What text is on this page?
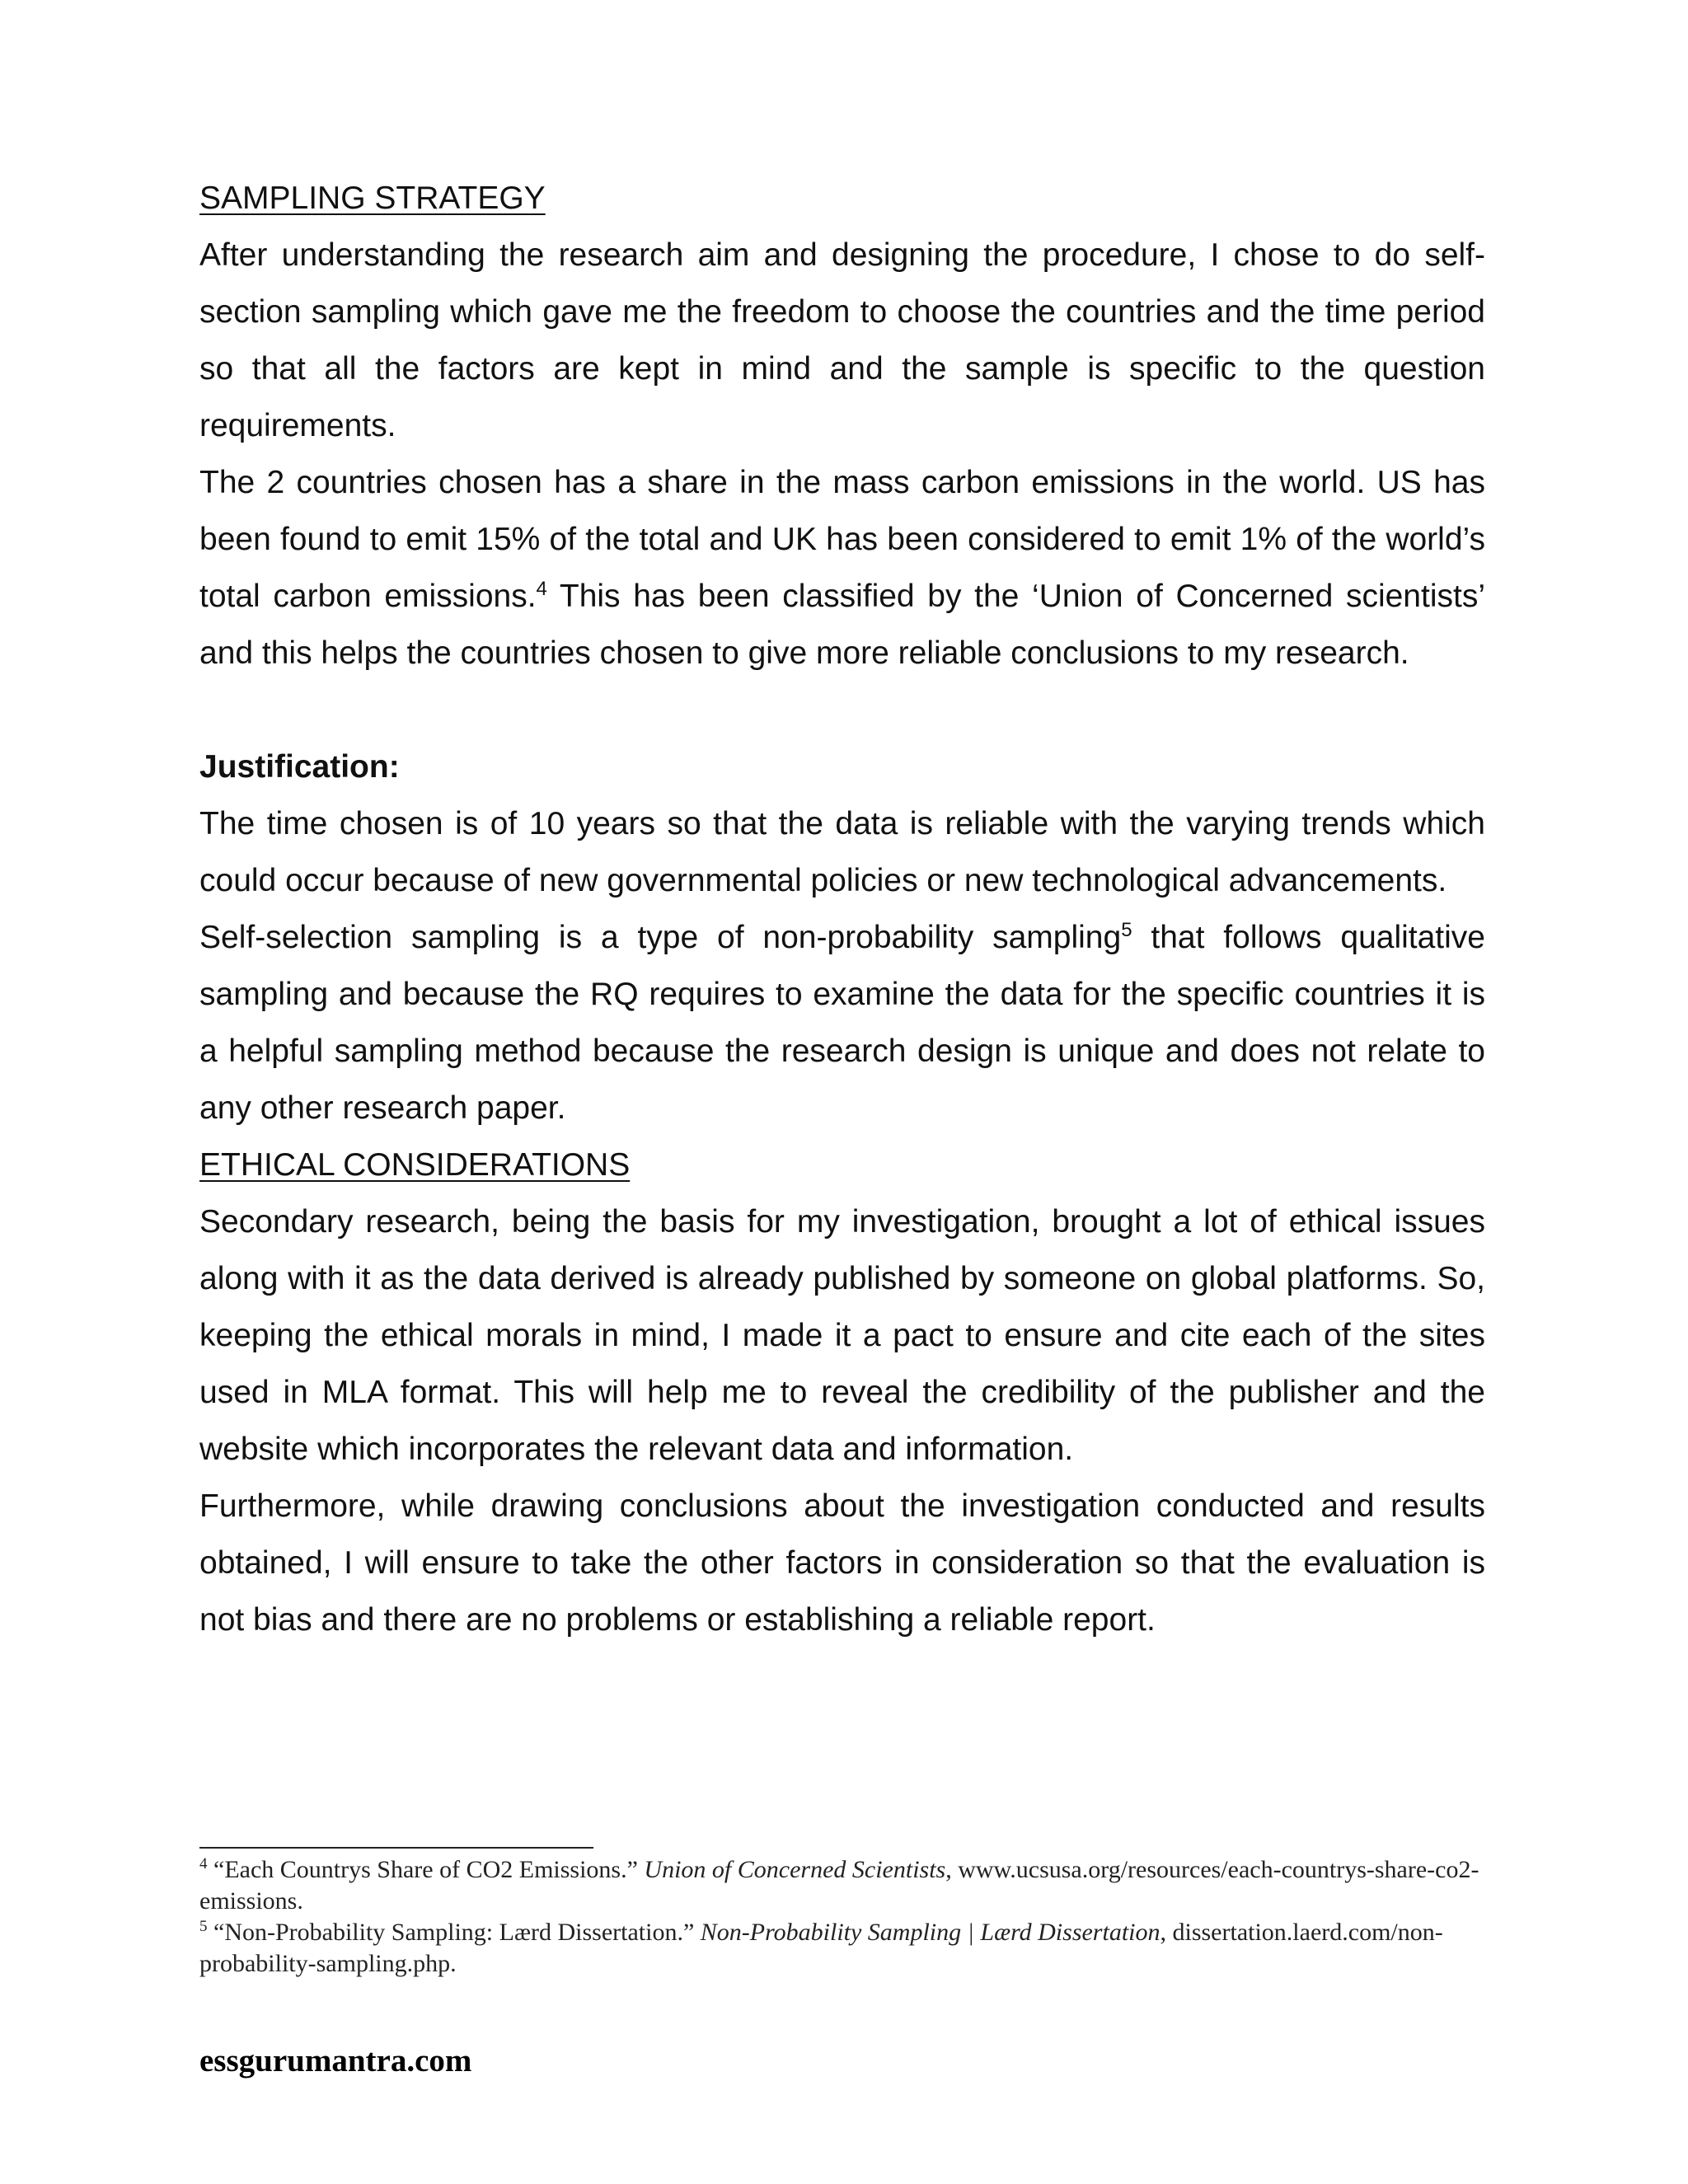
SAMPLING STRATEGY

After understanding the research aim and designing the procedure, I chose to do self-section sampling which gave me the freedom to choose the countries and the time period so that all the factors are kept in mind and the sample is specific to the question requirements.

The 2 countries chosen has a share in the mass carbon emissions in the world. US has been found to emit 15% of the total and UK has been considered to emit 1% of the world’s total carbon emissions.$^4$ This has been classified by the ‘Union of Concerned scientists’ and this helps the countries chosen to give more reliable conclusions to my research.

Justification:

The time chosen is of 10 years so that the data is reliable with the varying trends which could occur because of new governmental policies or new technological advancements.

Self-selection sampling is a type of non-probability sampling$^5$ that follows qualitative sampling and because the RQ requires to examine the data for the specific countries it is a helpful sampling method because the research design is unique and does not relate to any other research paper.

ETHICAL CONSIDERATIONS

Secondary research, being the basis for my investigation, brought a lot of ethical issues along with it as the data derived is already published by someone on global platforms. So, keeping the ethical morals in mind, I made it a pact to ensure and cite each of the sites used in MLA format. This will help me to reveal the credibility of the publisher and the website which incorporates the relevant data and information.

Furthermore, while drawing conclusions about the investigation conducted and results obtained, I will ensure to take the other factors in consideration so that the evaluation is not bias and there are no problems or establishing a reliable report.

$^4$ “Each Countrys Share of CO2 Emissions.” Union of Concerned Scientists, www.ucsusa.org/resources/each-countrys-share-co2-emissions.

$^5$ “Non-Probability Sampling: Lærd Dissertation.” Non-Probability Sampling | Lærd Dissertation, dissertation.laerd.com/non-probability-sampling.php.

essgurumantra.com
